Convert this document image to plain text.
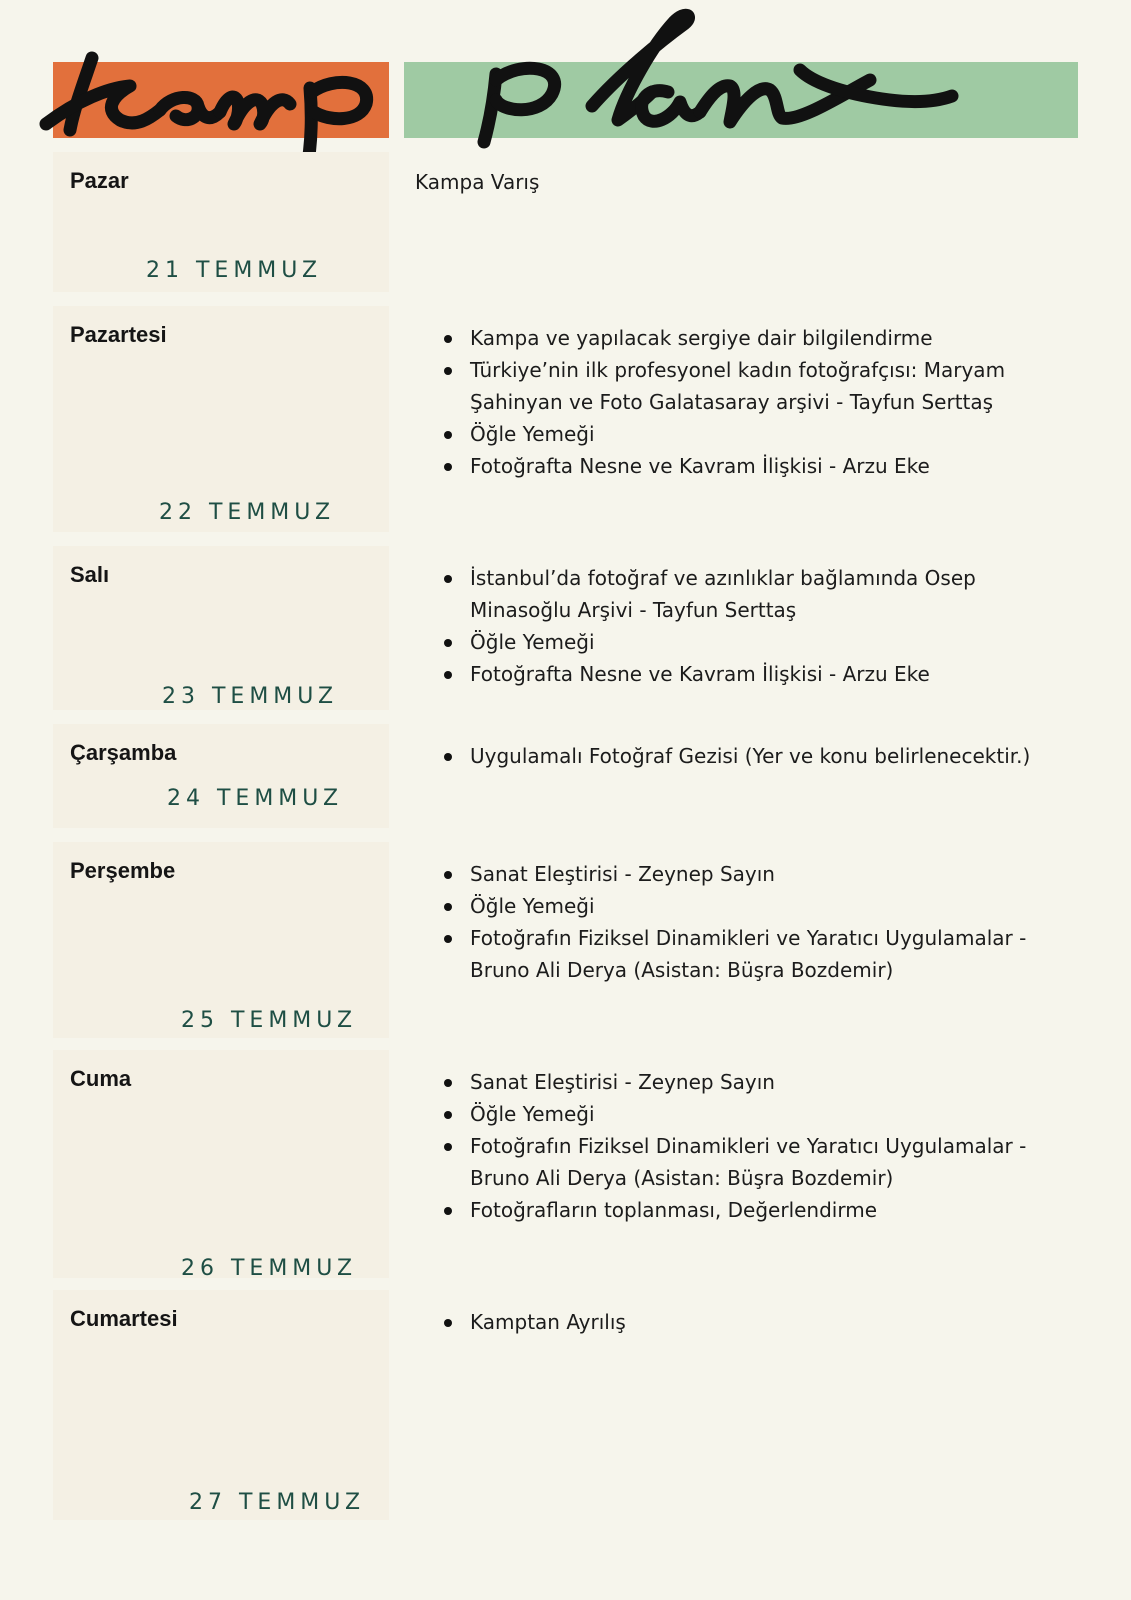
Pazar
21 TEMMUZ
Kampa Varış
Pazartesi
22 TEMMUZ
Kampa ve yapılacak sergiye dair bilgilendirme
Türkiye’nin ilk profesyonel kadın fotoğrafçısı: Maryam Şahinyan ve Foto Galatasaray arşivi - Tayfun Serttaş
Öğle Yemeği
Fotoğrafta Nesne ve Kavram İlişkisi - Arzu Eke
Salı
23 TEMMUZ
İstanbul’da fotoğraf ve azınlıklar bağlamında Osep Minasoğlu Arşivi - Tayfun Serttaş
Öğle Yemeği
Fotoğrafta Nesne ve Kavram İlişkisi - Arzu Eke
Çarşamba
24 TEMMUZ
Uygulamalı Fotoğraf Gezisi (Yer ve konu belirlenecektir.)
Perşembe
25 TEMMUZ
Sanat Eleştirisi - Zeynep Sayın
Öğle Yemeği
Fotoğrafın Fiziksel Dinamikleri ve Yaratıcı Uygulamalar - Bruno Ali Derya (Asistan: Büşra Bozdemir)
Cuma
26 TEMMUZ
Sanat Eleştirisi - Zeynep Sayın
Öğle Yemeği
Fotoğrafın Fiziksel Dinamikleri ve Yaratıcı Uygulamalar - Bruno Ali Derya (Asistan: Büşra Bozdemir)
Fotoğrafların toplanması, Değerlendirme
Cumartesi
27 TEMMUZ
Kamptan Ayrılış
